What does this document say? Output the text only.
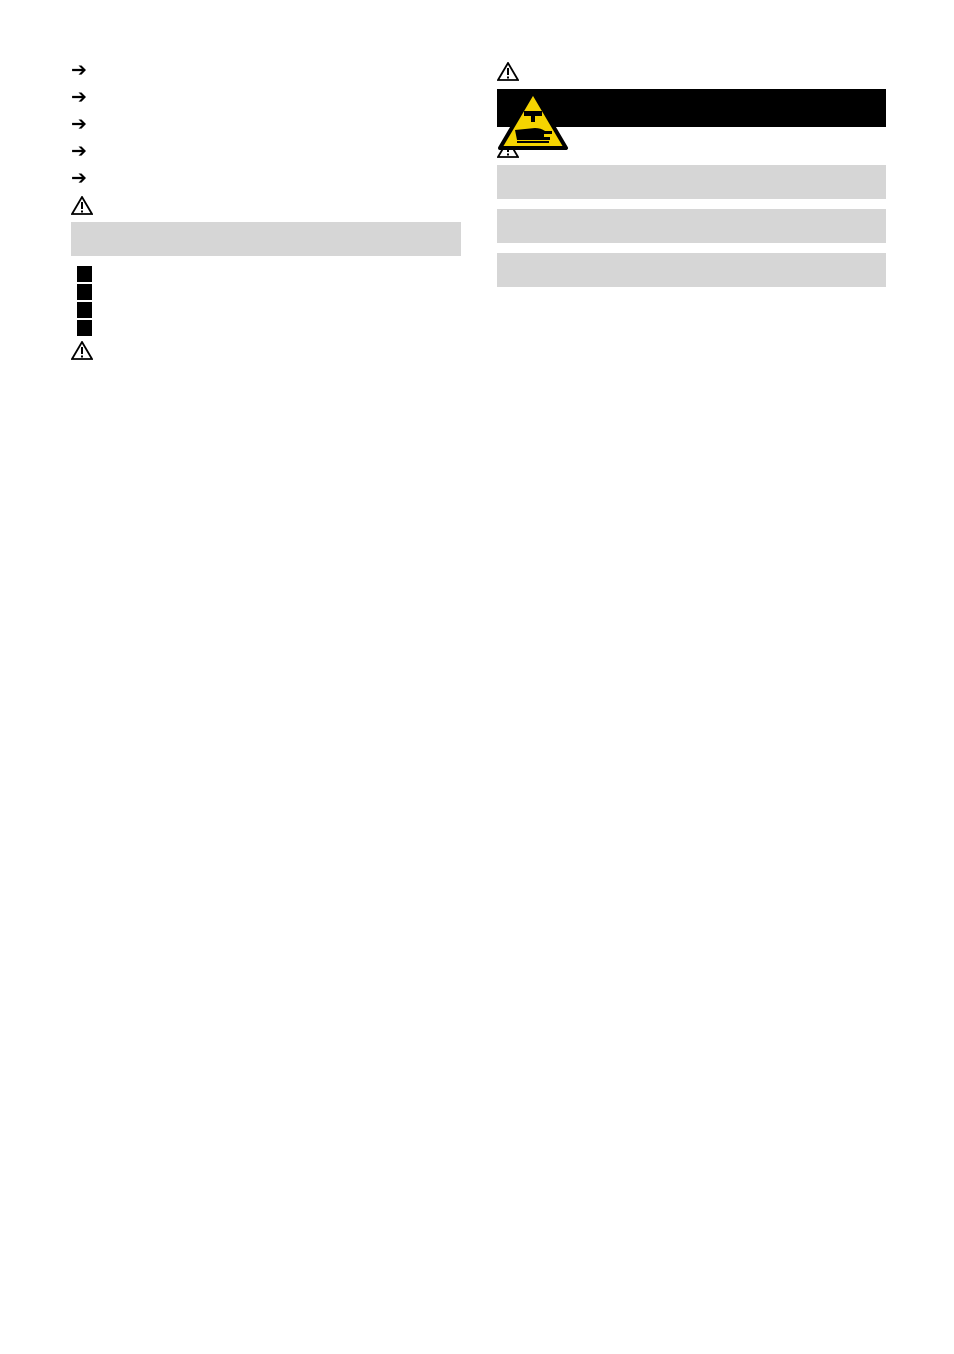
➔
➔
➔
➔
➔
